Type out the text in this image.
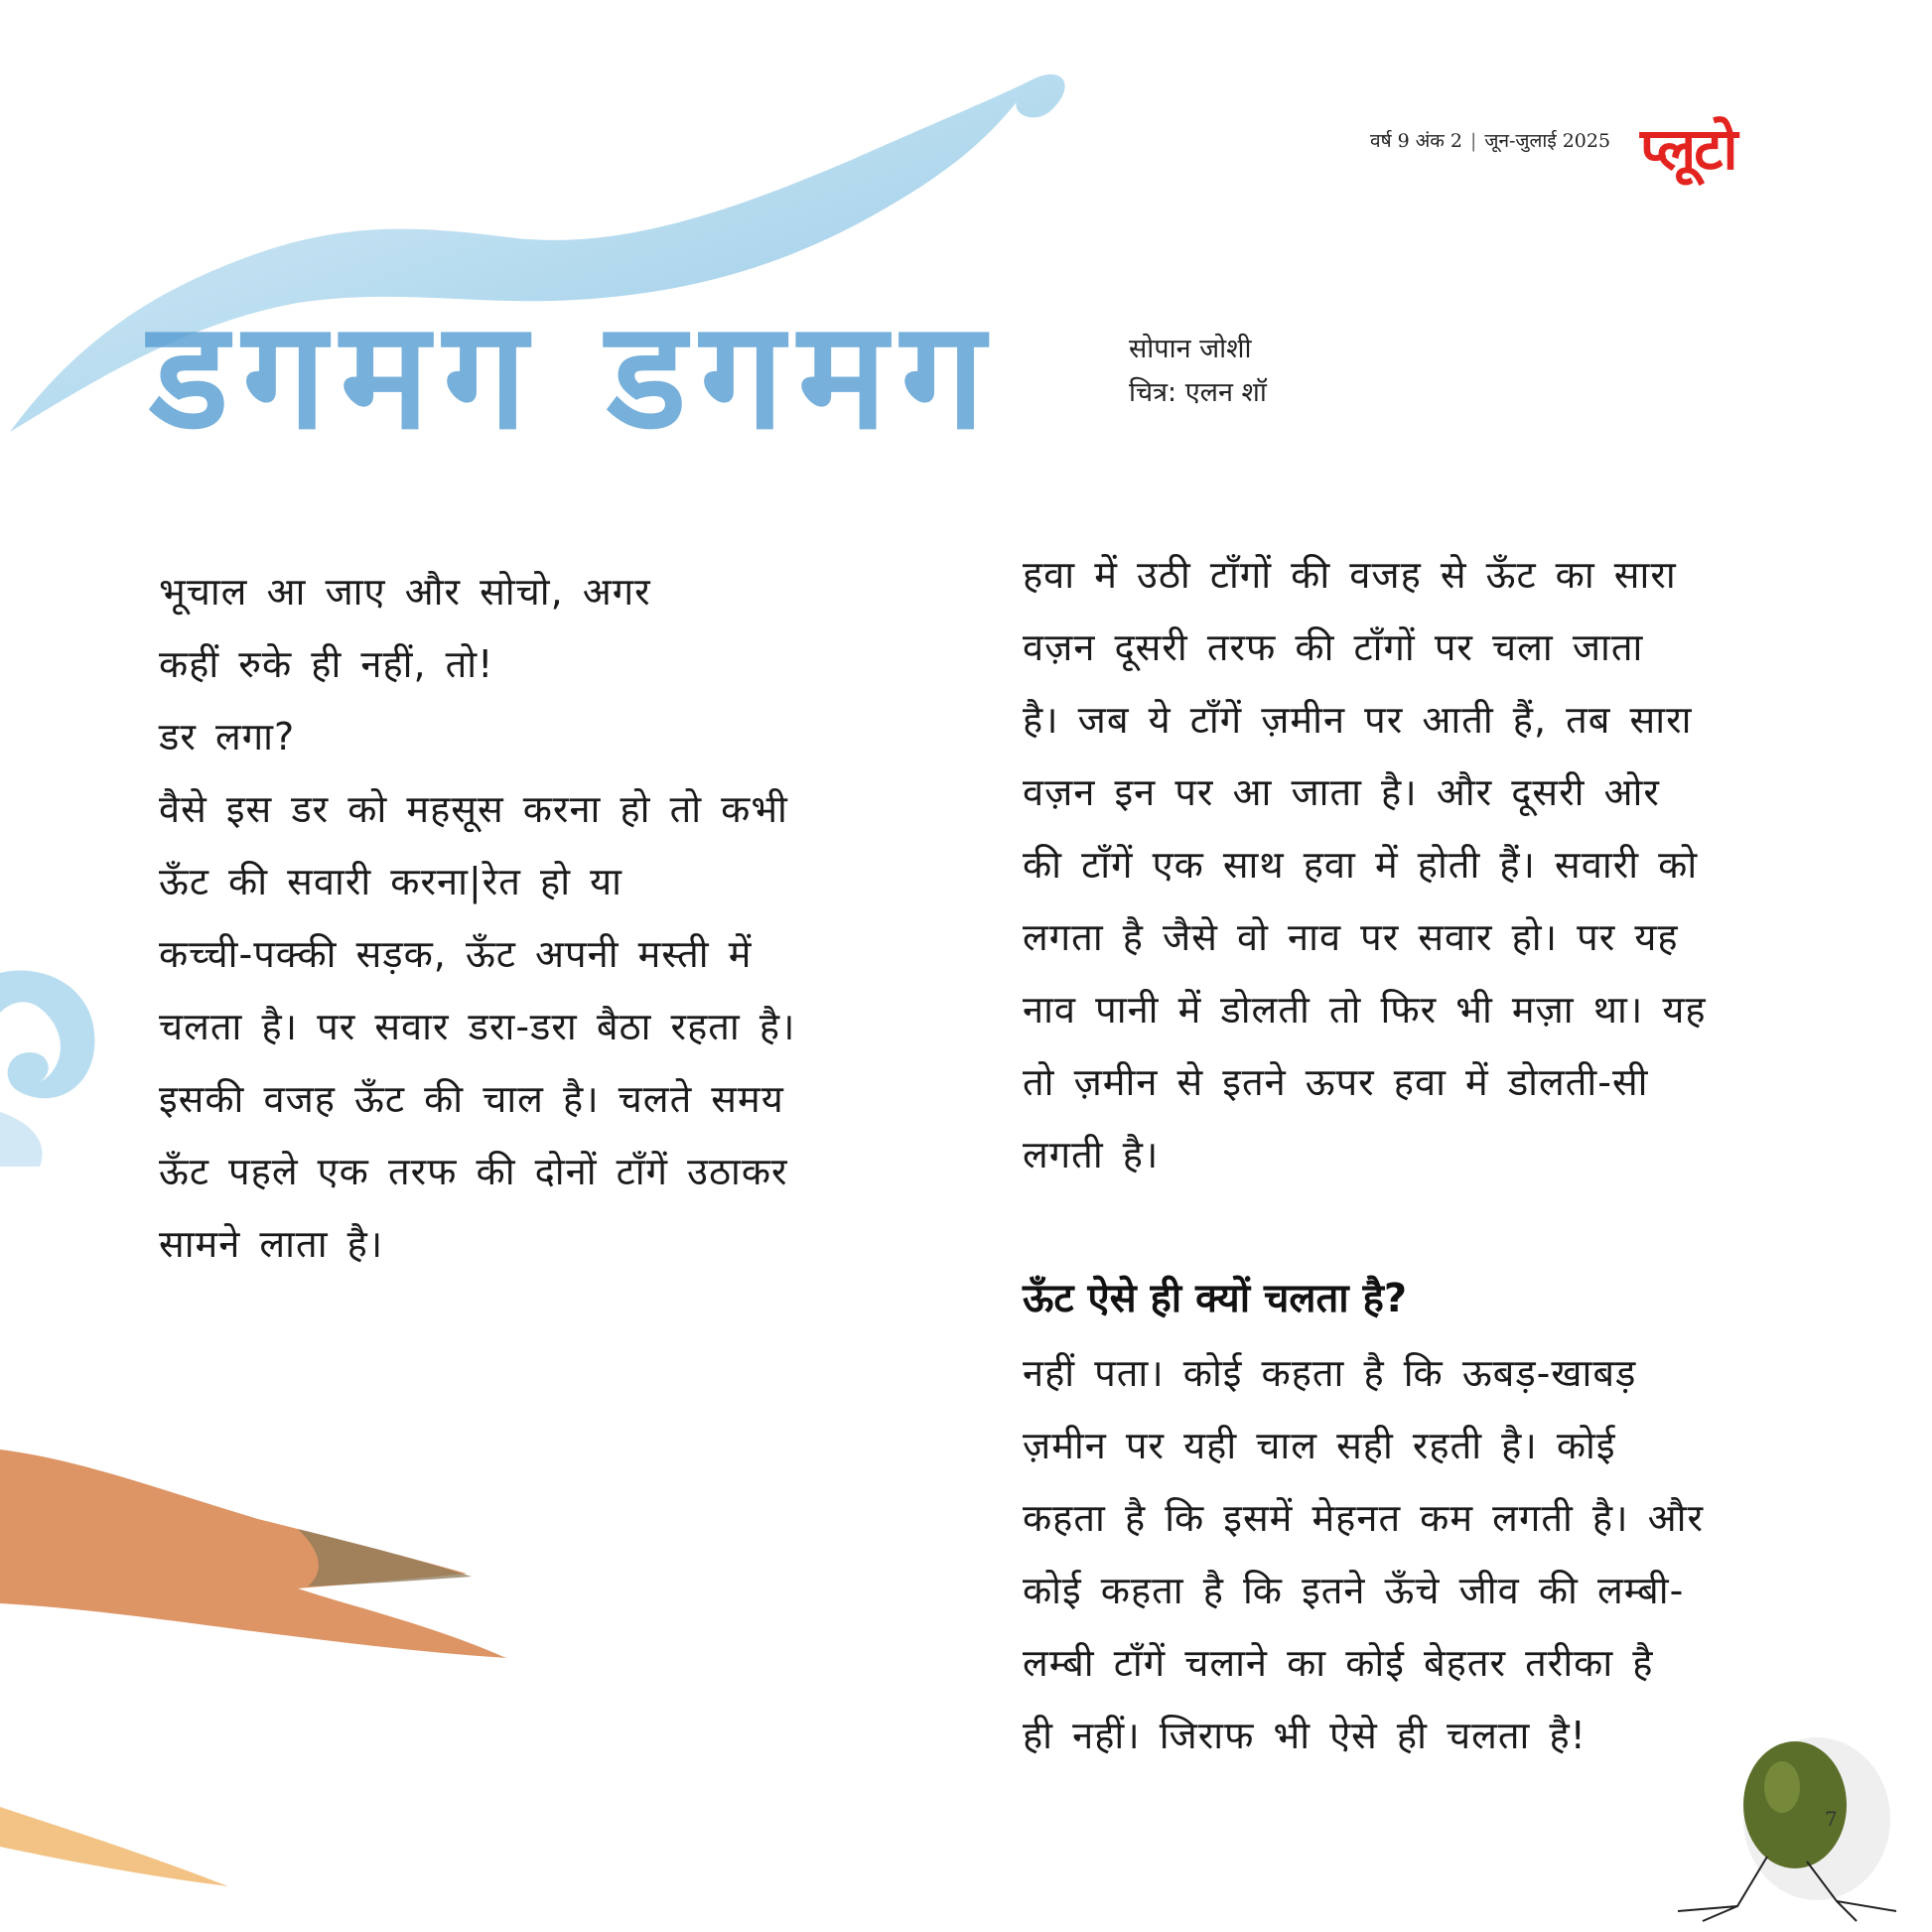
डगमग डगमग
वर्ष 9 अंक 2 | जून-जुलाई 2025 प्लूटो
सोपान जोशी
चित्र: एलन शॉ
भूचाल आ जाए और सोचो, अगर
कहीं रुके ही नहीं, तो!
डर लगा?
वैसे इस डर को महसूस करना हो तो कभी
ऊँट की सवारी करना|रेत हो या
कच्ची-पक्की सड़क, ऊँट अपनी मस्ती में
चलता है। पर सवार डरा-डरा बैठा रहता है।
इसकी वजह ऊँट की चाल है। चलते समय
ऊँट पहले एक तरफ की दोनों टाँगें उठाकर
सामने लाता है।
हवा में उठी टाँगों की वजह से ऊँट का सारा
वज़न दूसरी तरफ की टाँगों पर चला जाता
है। जब ये टाँगें ज़मीन पर आती हैं, तब सारा
वज़न इन पर आ जाता है। और दूसरी ओर
की टाँगें एक साथ हवा में होती हैं। सवारी को
लगता है जैसे वो नाव पर सवार हो। पर यह
नाव पानी में डोलती तो फिर भी मज़ा था। यह
तो ज़मीन से इतने ऊपर हवा में डोलती-सी
लगती है।
ऊँट ऐसे ही क्यों चलता है?
नहीं पता। कोई कहता है कि ऊबड़-खाबड़
ज़मीन पर यही चाल सही रहती है। कोई
कहता है कि इसमें मेहनत कम लगती है। और
कोई कहता है कि इतने ऊँचे जीव की लम्बी-
लम्बी टाँगें चलाने का कोई बेहतर तरीका है
ही नहीं। जिराफ भी ऐसे ही चलता है!
7
